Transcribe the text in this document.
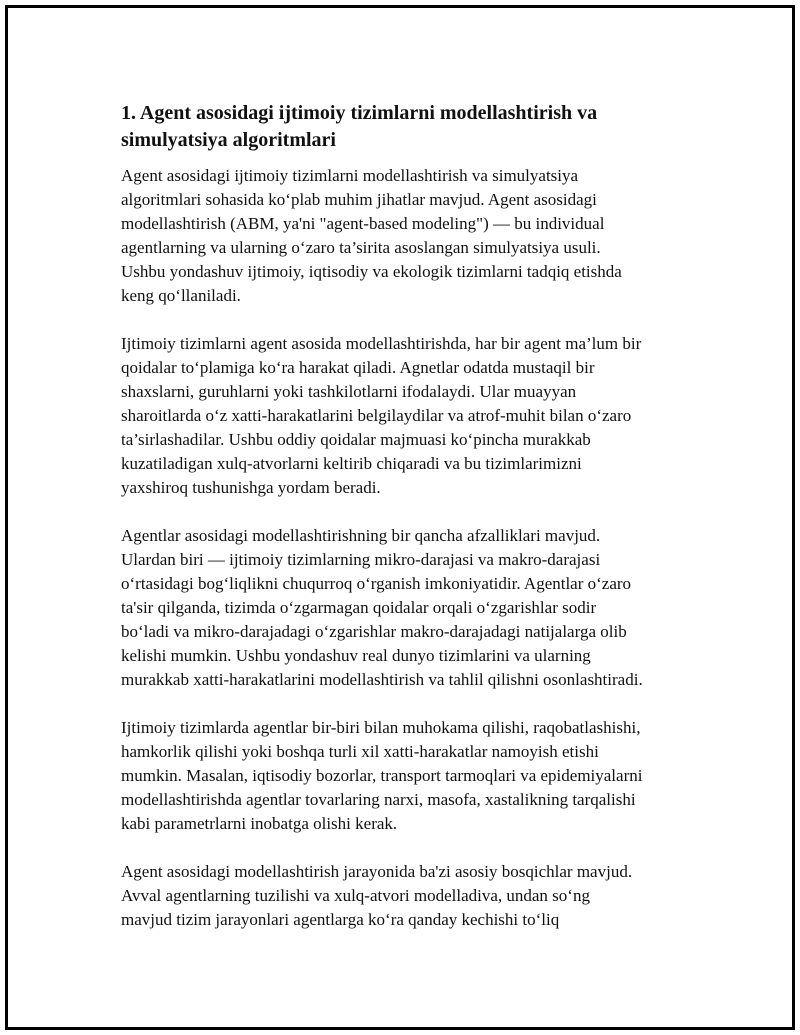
1. Agent asosidagi ijtimoiy tizimlarni modellashtirish va
simulyatsiya algoritmlari

Agent asosidagi ijtimoiy tizimlarni modellashtirish va simulyatsiya
algoritmlari sohasida ko‘plab muhim jihatlar mavjud. Agent asosidagi
modellashtirish (ABM, ya'ni "agent-based modeling") — bu individual
agentlarning va ularning o‘zaro ta’sirita asoslangan simulyatsiya usuli.
Ushbu yondashuv ijtimoiy, iqtisodiy va ekologik tizimlarni tadqiq etishda
keng qo‘llaniladi.

Ijtimoiy tizimlarni agent asosida modellashtirishda, har bir agent ma’lum bir
qoidalar to‘plamiga ko‘ra harakat qiladi. Agnetlar odatda mustaqil bir
shaxslarni, guruhlarni yoki tashkilotlarni ifodalaydi. Ular muayyan
sharoitlarda o‘z xatti-harakatlarini belgilaydilar va atrof-muhit bilan o‘zaro
ta’sirlashadilar. Ushbu oddiy qoidalar majmuasi ko‘pincha murakkab
kuzatiladigan xulq-atvorlarni keltirib chiqaradi va bu tizimlarimizni
yaxshiroq tushunishga yordam beradi.

Agentlar asosidagi modellashtirishning bir qancha afzalliklari mavjud.
Ulardan biri — ijtimoiy tizimlarning mikro-darajasi va makro-darajasi
o‘rtasidagi bog‘liqlikni chuqurroq o‘rganish imkoniyatidir. Agentlar o‘zaro
ta'sir qilganda, tizimda o‘zgarmagan qoidalar orqali o‘zgarishlar sodir
bo‘ladi va mikro-darajadagi o‘zgarishlar makro-darajadagi natijalarga olib
kelishi mumkin. Ushbu yondashuv real dunyo tizimlarini va ularning
murakkab xatti-harakatlarini modellashtirish va tahlil qilishni osonlashtiradi.

Ijtimoiy tizimlarda agentlar bir-biri bilan muhokama qilishi, raqobatlashishi,
hamkorlik qilishi yoki boshqa turli xil xatti-harakatlar namoyish etishi
mumkin. Masalan, iqtisodiy bozorlar, transport tarmoqlari va epidemiyalarni
modellashtirishda agentlar tovarlaring narxi, masofa, xastalikning tarqalishi
kabi parametrlarni inobatga olishi kerak.

Agent asosidagi modellashtirish jarayonida ba'zi asosiy bosqichlar mavjud.
Avval agentlarning tuzilishi va xulq-atvori modelladiva, undan so‘ng
mavjud tizim jarayonlari agentlarga ko‘ra qanday kechishi to‘liq
